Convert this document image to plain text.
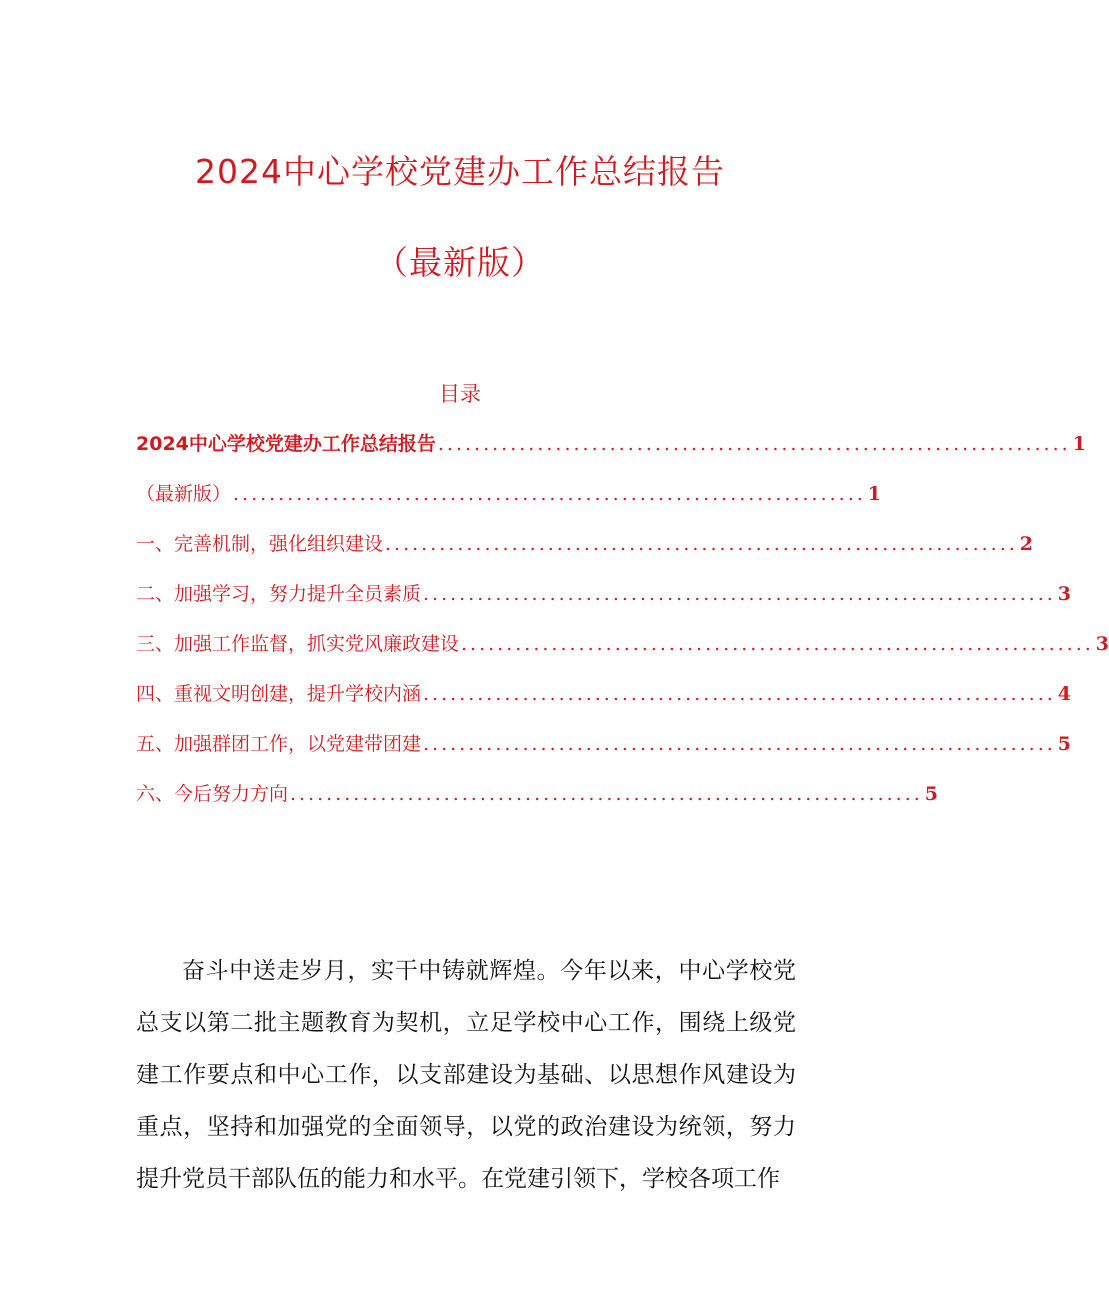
2024中心学校党建办工作总结报告
（最新版）
目录
2024中心学校党建办工作总结报告 ...................................................................... 1
（最新版） ...................................................................... 1
一、完善机制，强化组织建设 ...................................................................... 2
二、加强学习，努力提升全员素质 ...................................................................... 3
三、加强工作监督，抓实党风廉政建设 ...................................................................... 3
四、重视文明创建，提升学校内涵 ...................................................................... 4
五、加强群团工作，以党建带团建 ...................................................................... 5
六、今后努力方向 ...................................................................... 5

奋斗中送走岁月，实干中铸就辉煌。今年以来，中心学校党总支以第二批主题教育为契机，立足学校中心工作，围绕上级党建工作要点和中心工作，以支部建设为基础、以思想作风建设为重点，坚持和加强党的全面领导，以党的政治建设为统领，努力提升党员干部队伍的能力和水平。在党建引领下，学校各项工作
